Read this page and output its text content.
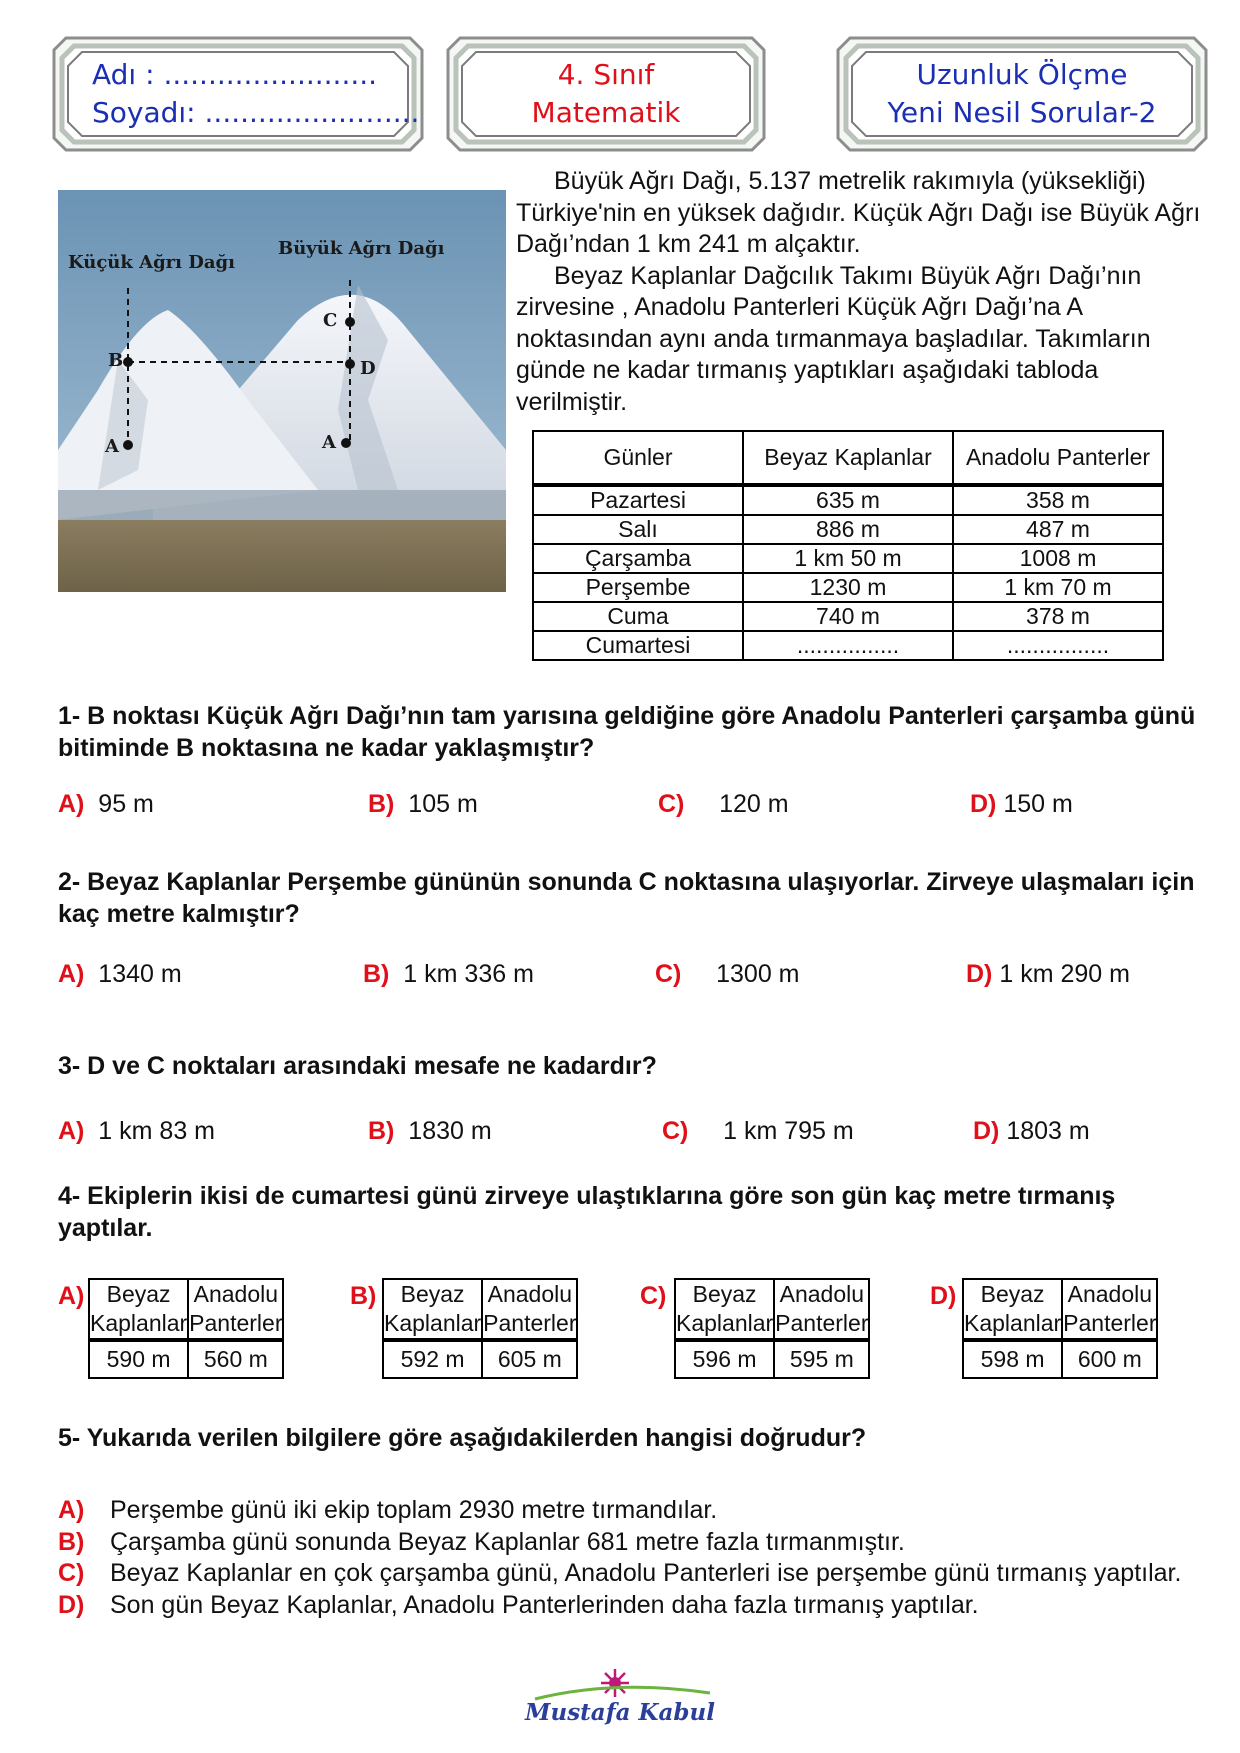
Adı : ........................
Soyadı: .................…....
4. Sınıf
Matematik
Uzunluk Ölçme
Yeni Nesil Sorular-2
Küçük Ağrı Dağı
Büyük Ağrı Dağı
B
C
D
A	A

Büyük Ağrı Dağı, 5.137 metrelik rakımıyla (yüksekliği) Türkiye'nin en yüksek dağıdır. Küçük Ağrı Dağı ise Büyük Ağrı Dağı’ndan 1 km 241 m alçaktır.

Beyaz Kaplanlar Dağcılık Takımı Büyük Ağrı Dağı’nın zirvesine , Anadolu Panterleri Küçük Ağrı Dağı’na A noktasından aynı anda tırmanmaya başladılar. Takımların günde ne kadar tırmanış yaptıkları aşağıdaki tabloda verilmiştir.

Günler	Beyaz Kaplanlar	Anadolu Panterler
Pazartesi	635 m	358 m
Salı	886 m	487 m
Çarşamba	1 km 50 m	1008 m
Perşembe	1230 m	1 km 70 m
Cuma	740 m	378 m
Cumartesi	................	................
1- B noktası Küçük Ağrı Dağı’nın tam yarısına geldiğine göre Anadolu Panterleri çarşamba günü bitiminde B noktasına ne kadar yaklaşmıştır?
A) 95 m	B) 105 m	C) 120 m	D) 150 m
2- Beyaz Kaplanlar Perşembe gününün sonunda C noktasına ulaşıyorlar. Zirveye ulaşmaları için kaç metre kalmıştır?
A) 1340 m	B) 1 km 336 m	C) 1300 m	D) 1 km 290 m
3- D ve C noktaları arasındaki mesafe ne kadardır?
A) 1 km 83 m	B) 1830 m	C) 1 km 795 m	D) 1803 m
4- Ekiplerin ikisi de cumartesi günü zirveye ulaştıklarına göre son gün kaç metre tırmanış yaptılar.
A) Beyaz Kaplanlar	Anadolu Panterler
590 m	560 m
B) Beyaz Kaplanlar	Anadolu Panterler
592 m	605 m
C) Beyaz Kaplanlar	Anadolu Panterler
596 m	595 m
D) Beyaz Kaplanlar	Anadolu Panterler
598 m	600 m
5- Yukarıda verilen bilgilere göre aşağıdakilerden hangisi doğrudur?
A) Perşembe günü iki ekip toplam 2930 metre tırmandılar.
B) Çarşamba günü sonunda Beyaz Kaplanlar 681 metre fazla tırmanmıştır.
C) Beyaz Kaplanlar en çok çarşamba günü, Anadolu Panterleri ise perşembe günü tırmanış yaptılar.
D) Son gün Beyaz Kaplanlar, Anadolu Panterlerinden daha fazla tırmanış yaptılar.
Mustafa Kabul
